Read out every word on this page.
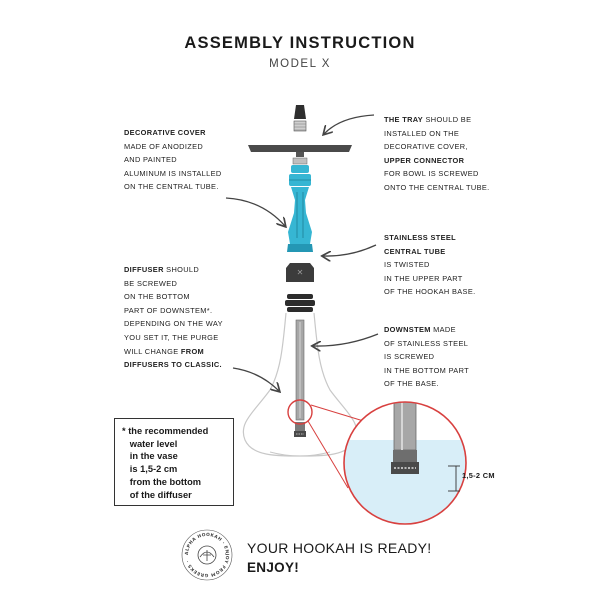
ASSEMBLY INSTRUCTION
MODEL X
✕
DECORATIVE COVER
MADE OF ANODIZED
AND PAINTED
ALUMINUM IS INSTALLED
ON THE CENTRAL TUBE.
THE TRAY SHOULD BE
INSTALLED ON THE
DECORATIVE COVER,
UPPER CONNECTOR
FOR BOWL IS SCREWED
ONTO THE CENTRAL TUBE.
STAINLESS STEEL
CENTRAL TUBE
IS TWISTED
IN THE UPPER PART
OF THE HOOKAH BASE.
DIFFUSER SHOULD
BE SCREWED
ON THE BOTTOM
PART OF DOWNSTEM*.
DEPENDING ON THE WAY
YOU SET IT, THE PURGE
WILL CHANGE FROM
DIFFUSERS TO CLASSIC.
DOWNSTEM MADE
OF STAINLESS STEEL
IS SCREWED
IN THE BOTTOM PART
OF THE BASE.
* the recommended
water level
in the vase
is 1,5-2 cm
from the bottom
of the diffuser
1,5-2 CM
ALPHA HOOKAH · ENJOY FROM GREEKS ·
YOUR HOOKAH IS READY!
ENJOY!
